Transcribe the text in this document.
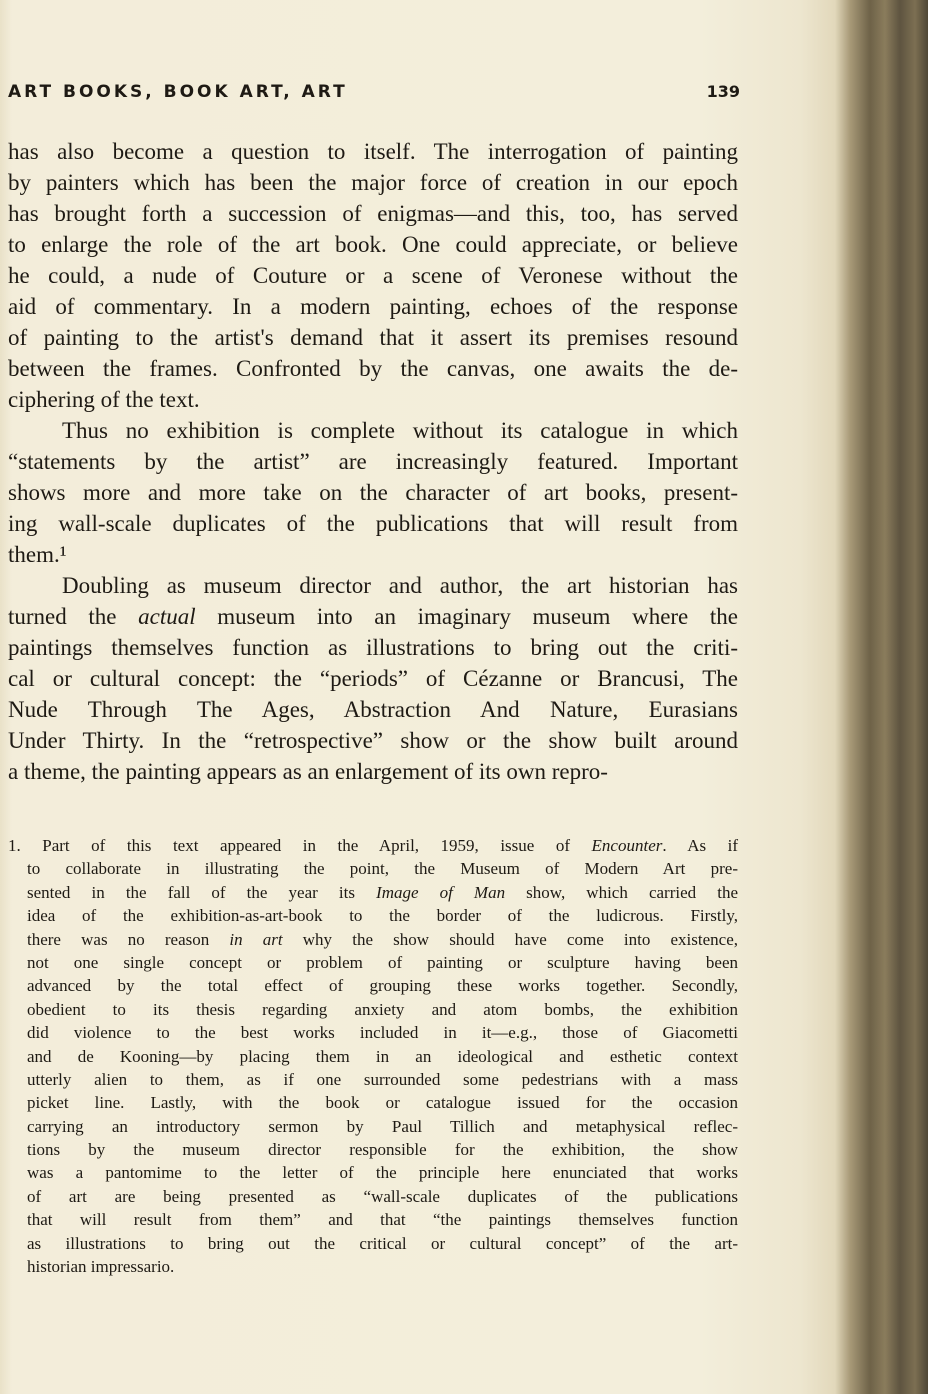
ART BOOKS, BOOK ART, ART	139
has also become a question to itself. The interrogation of painting
by painters which has been the major force of creation in our epoch
has brought forth a succession of enigmas—and this, too, has served
to enlarge the role of the art book. One could appreciate, or believe
he could, a nude of Couture or a scene of Veronese without the
aid of commentary. In a modern painting, echoes of the response
of painting to the artist's demand that it assert its premises resound
between the frames. Confronted by the canvas, one awaits the de-
ciphering of the text.
Thus no exhibition is complete without its catalogue in which
“statements by the artist” are increasingly featured. Important
shows more and more take on the character of art books, present-
ing wall-scale duplicates of the publications that will result from
them.¹
Doubling as museum director and author, the art historian has
turned the actual museum into an imaginary museum where the
paintings themselves function as illustrations to bring out the criti-
cal or cultural concept: the “periods” of Cézanne or Brancusi, The
Nude Through The Ages, Abstraction And Nature, Eurasians
Under Thirty. In the “retrospective” show or the show built around
a theme, the painting appears as an enlargement of its own repro-
1. Part of this text appeared in the April, 1959, issue of Encounter. As if
to collaborate in illustrating the point, the Museum of Modern Art pre-
sented in the fall of the year its Image of Man show, which carried the
idea of the exhibition-as-art-book to the border of the ludicrous. Firstly,
there was no reason in art why the show should have come into existence,
not one single concept or problem of painting or sculpture having been
advanced by the total effect of grouping these works together. Secondly,
obedient to its thesis regarding anxiety and atom bombs, the exhibition
did violence to the best works included in it—e.g., those of Giacometti
and de Kooning—by placing them in an ideological and esthetic context
utterly alien to them, as if one surrounded some pedestrians with a mass
picket line. Lastly, with the book or catalogue issued for the occasion
carrying an introductory sermon by Paul Tillich and metaphysical reflec-
tions by the museum director responsible for the exhibition, the show
was a pantomime to the letter of the principle here enunciated that works
of art are being presented as “wall-scale duplicates of the publications
that will result from them” and that “the paintings themselves function
as illustrations to bring out the critical or cultural concept” of the art-
historian impressario.
